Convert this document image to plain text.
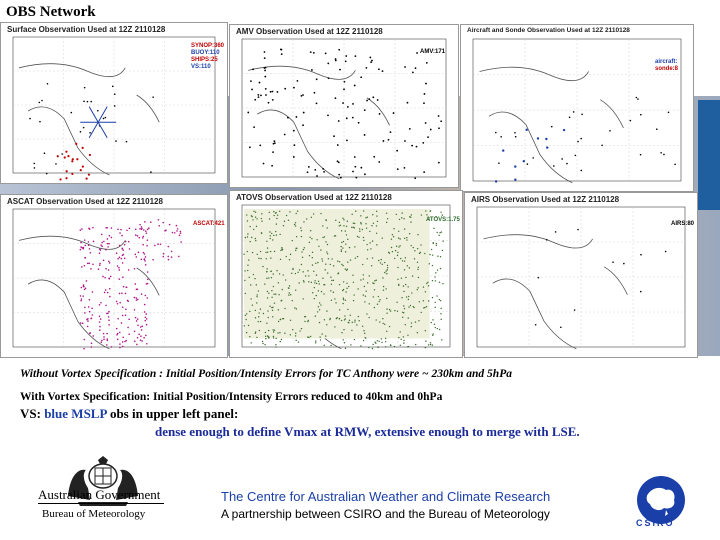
OBS Network
Surface Observation Used at 12Z 2110128
SYNOP:360
BUOY:110
SHIPS:25
VS:110
AMV Observation Used at 12Z 2110128
AMV:171
Aircraft and Sonde Observation Used at 12Z 2110128
aircraft:
sonde:8
ASCAT Observation Used at 12Z 2110128
ASCAT:421
ATOVS Observation Used at 12Z 2110128
ATOVS:1.75
AIRS Observation Used at 12Z 2110128
AIRS:80
Without Vortex Specification : Initial Position/Intensity Errors for TC Anthony were ~ 230km and 5hPa
With Vortex Specification: Initial Position/Intensity Errors reduced to 40km and 0hPa
VS: blue MSLP obs in upper left panel:
dense enough to define Vmax at RMW, extensive enough to merge with LSE.
Australian Government
Bureau of Meteorology
The Centre for Australian Weather and Climate Research
A partnership between CSIRO and the Bureau of Meteorology
CSIRO
